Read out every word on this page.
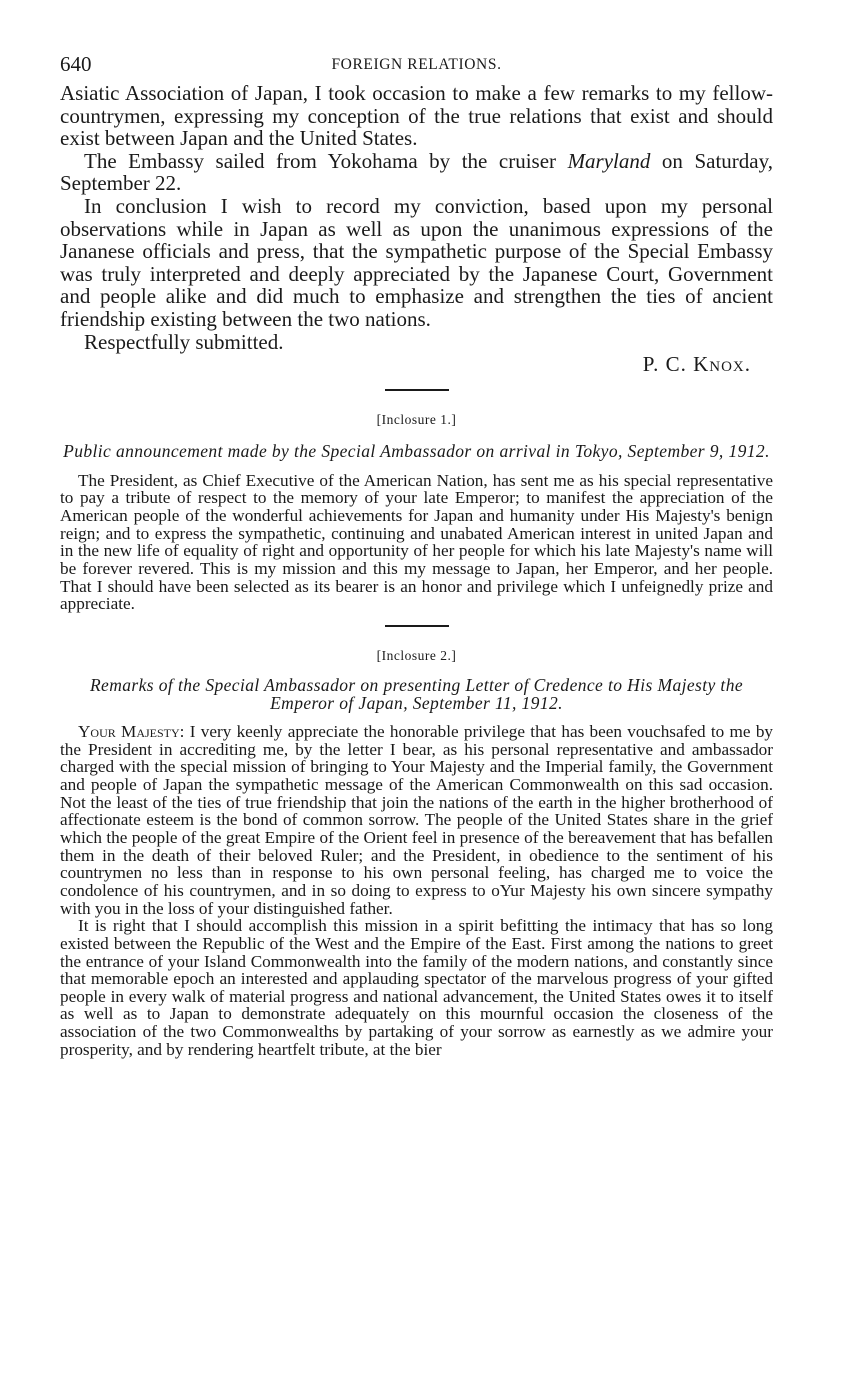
640	FOREIGN RELATIONS.

Asiatic Association of Japan, I took occasion to make a few remarks to my fellow-countrymen, expressing my conception of the true relations that exist and should exist between Japan and the United States.

The Embassy sailed from Yokohama by the cruiser Maryland on Saturday, September 22.

In conclusion I wish to record my conviction, based upon my personal observations while in Japan as well as upon the unanimous expressions of the Jananese officials and press, that the sympathetic purpose of the Special Embassy was truly interpreted and deeply appreciated by the Japanese Court, Government and people alike and did much to emphasize and strengthen the ties of ancient friendship existing between the two nations.

Respectfully submitted.

P. C. Knox.
[Inclosure 1.]
Public announcement made by the Special Ambassador on arrival in Tokyo, September 9, 1912.

The President, as Chief Executive of the American Nation, has sent me as his special representative to pay a tribute of respect to the memory of your late Emperor; to manifest the appreciation of the American people of the wonderful achievements for Japan and humanity under His Majesty's benign reign; and to express the sympathetic, continuing and unabated American interest in united Japan and in the new life of equality of right and opportunity of her people for which his late Majesty's name will be forever revered. This is my mission and this my message to Japan, her Emperor, and her people. That I should have been selected as its bearer is an honor and privilege which I unfeignedly prize and appreciate.

[Inclosure 2.]
Remarks of the Special Ambassador on presenting Letter of Credence to His Majesty the Emperor of Japan, September 11, 1912.

Your Majesty: I very keenly appreciate the honorable privilege that has been vouchsafed to me by the President in accrediting me, by the letter I bear, as his personal representative and ambassador charged with the special mission of bringing to Your Majesty and the Imperial family, the Government and people of Japan the sympathetic message of the American Commonwealth on this sad occasion. Not the least of the ties of true friendship that join the nations of the earth in the higher brotherhood of affectionate esteem is the bond of common sorrow. The people of the United States share in the grief which the people of the great Empire of the Orient feel in presence of the bereavement that has befallen them in the death of their beloved Ruler; and the President, in obedience to the sentiment of his countrymen no less than in response to his own personal feeling, has charged me to voice the condolence of his countrymen, and in so doing to express to oYur Majesty his own sincere sympathy with you in the loss of your distinguished father.

It is right that I should accomplish this mission in a spirit befitting the intimacy that has so long existed between the Republic of the West and the Empire of the East. First among the nations to greet the entrance of your Island Commonwealth into the family of the modern nations, and constantly since that memorable epoch an interested and applauding spectator of the marvelous progress of your gifted people in every walk of material progress and national advancement, the United States owes it to itself as well as to Japan to demonstrate adequately on this mournful occasion the closeness of the association of the two Commonwealths by partaking of your sorrow as earnestly as we admire your prosperity, and by rendering heartfelt tribute, at the bier
